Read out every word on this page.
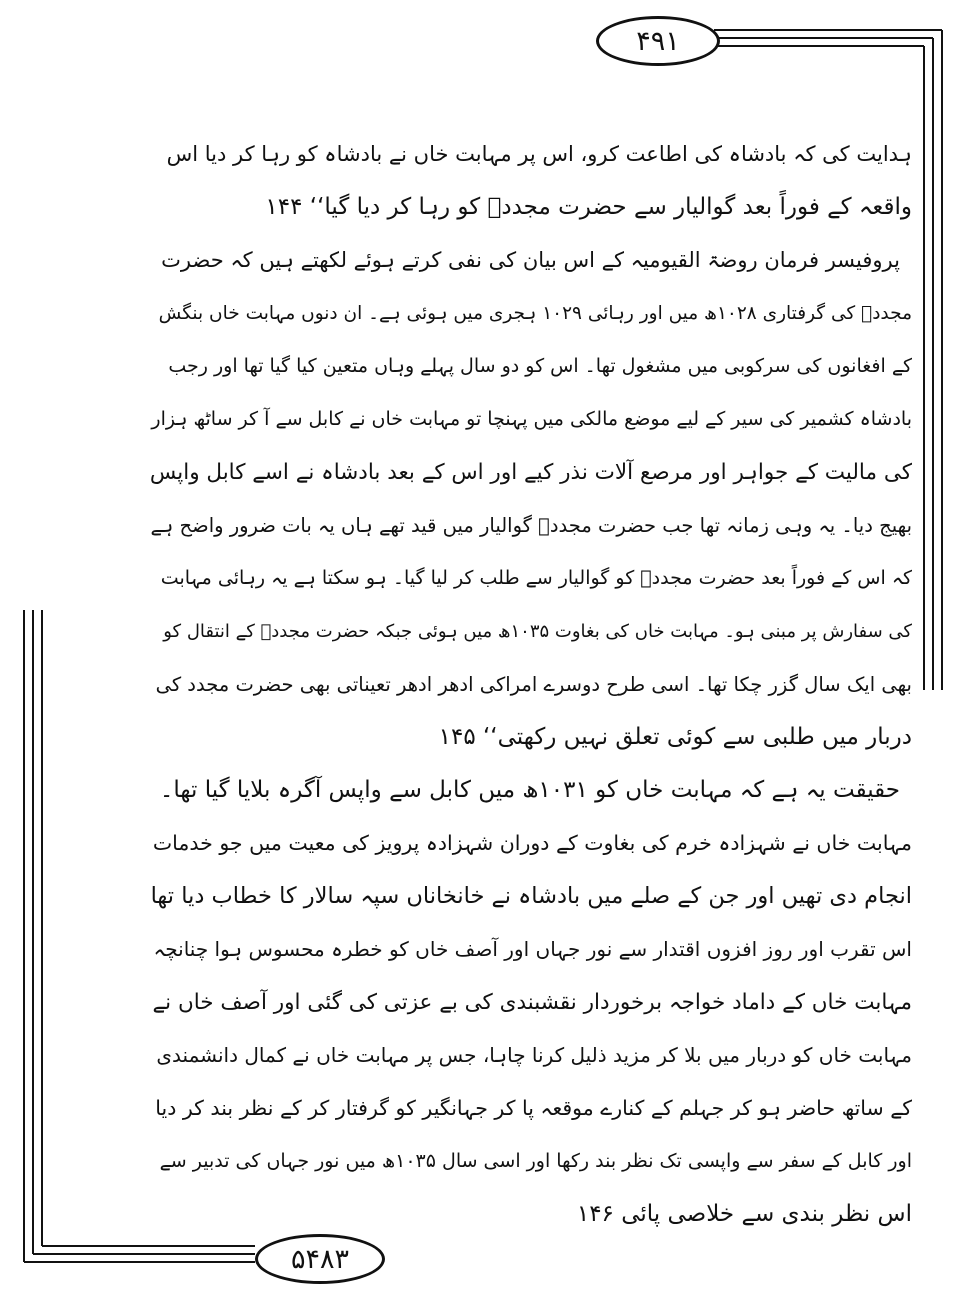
۴۹۱
ہدایت کی کہ بادشاہ کی اطاعت کرو، اس پر مہابت خاں نے بادشاہ کو رہا کر دیا اس
واقعہ کے فوراً بعد گوالیار سے حضرت مجددؒ کو رہا کر دیا گیا‘‘ ۱۴۴
پروفیسر فرمان روضۃ القیومیہ کے اس بیان کی نفی کرتے ہوئے لکھتے ہیں کہ حضرت
مجددؒ کی گرفتاری ۱۰۲۸ھ میں اور رہائی ۱۰۲۹ ہجری میں ہوئی ہے۔ ان دنوں مہابت خاں بنگش
کے افغانوں کی سرکوبی میں مشغول تھا۔ اس کو دو سال پہلے وہاں متعین کیا گیا تھا اور رجب
بادشاہ کشمیر کی سیر کے لیے موضع مالکی میں پہنچا تو مہابت خاں نے کابل سے آ کر ساٹھ ہزار
کی مالیت کے جواہر اور مرصع آلات نذر کیے اور اس کے بعد بادشاہ نے اسے کابل واپس
بھیج دیا۔ یہ وہی زمانہ تھا جب حضرت مجددؒ گوالیار میں قید تھے ہاں یہ بات ضرور واضح ہے
کہ اس کے فوراً بعد حضرت مجددؒ کو گوالیار سے طلب کر لیا گیا۔ ہو سکتا ہے یہ رہائی مہابت
کی سفارش پر مبنی ہو۔ مہابت خاں کی بغاوت ۱۰۳۵ھ میں ہوئی جبکہ حضرت مجددؒ کے انتقال کو
بھی ایک سال گزر چکا تھا۔ اسی طرح دوسرے امراکی ادھر ادھر تعیناتی بھی حضرت مجدد کی
دربار میں طلبی سے کوئی تعلق نہیں رکھتی‘‘ ۱۴۵
حقیقت یہ ہے کہ مہابت خاں کو ۱۰۳۱ھ میں کابل سے واپس آگرہ بلایا گیا تھا۔
مہابت خاں نے شہزادہ خرم کی بغاوت کے دوران شہزادہ پرویز کی معیت میں جو خدمات
انجام دی تھیں اور جن کے صلے میں بادشاہ نے خانخاناں سپہ سالار کا خطاب دیا تھا
اس تقرب اور روز افزوں اقتدار سے نور جہاں اور آصف خاں کو خطرہ محسوس ہوا چنانچہ
مہابت خاں کے داماد خواجہ برخوردار نقشبندی کی بے عزتی کی گئی اور آصف خاں نے
مہابت خاں کو دربار میں بلا کر مزید ذلیل کرنا چاہا، جس پر مہابت خاں نے کمال دانشمندی
کے ساتھ حاضر ہو کر جہلم کے کنارے موقعہ پا کر جہانگیر کو گرفتار کر کے نظر بند کر دیا
اور کابل کے سفر سے واپسی تک نظر بند رکھا اور اسی سال ۱۰۳۵ھ میں نور جہاں کی تدبیر سے
اس نظر بندی سے خلاصی پائی ۱۴۶
۵۴۸۳
